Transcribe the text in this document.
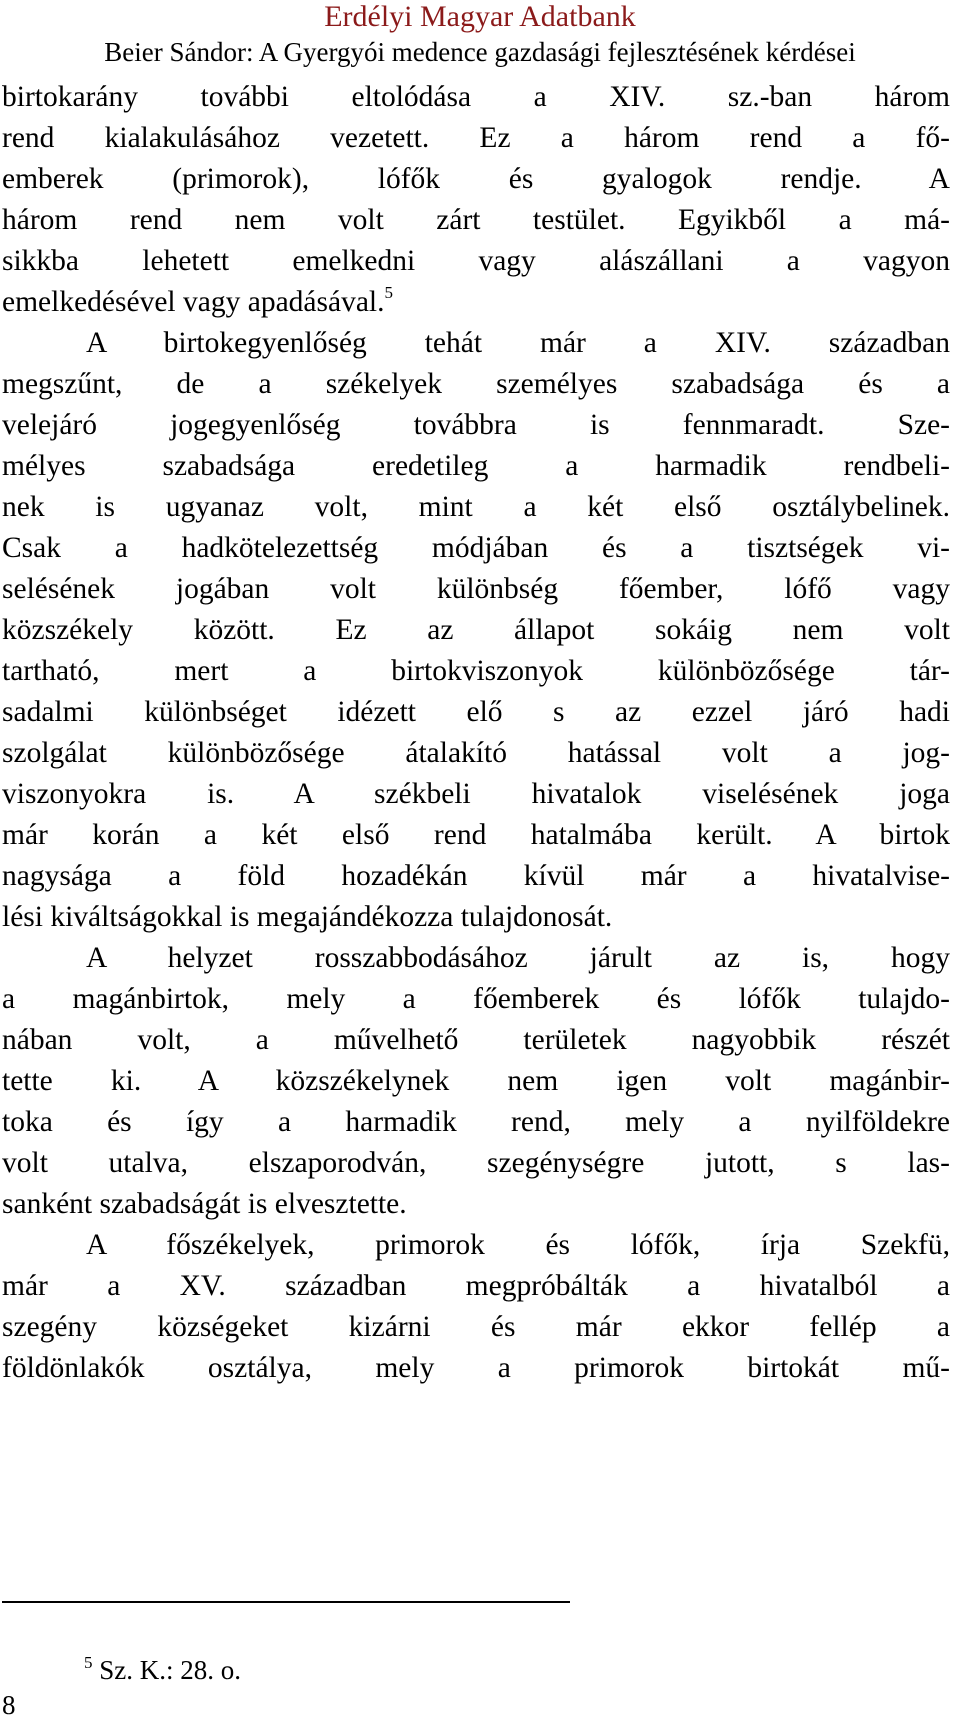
Erdélyi Magyar Adatbank
Beier Sándor: A Gyergyói medence gazdasági fejlesztésének kérdései
birtokarány további eltolódása a XIV. sz.-ban három
rend kialakulásához vezetett. Ez a három rend a fő-
emberek (primorok), lófők és gyalogok rendje. A
három rend nem volt zárt testület. Egyikből a má-
sikkba lehetett emelkedni vagy alászállani a vagyon
emelkedésével vagy apadásával.$^5$
A birtokegyenlőség tehát már a XIV. században
megszűnt, de a székelyek személyes szabadsága és a
velejáró jogegyenlőség továbbra is fennmaradt. Sze-
mélyes szabadsága eredetileg a harmadik rendbeli-
nek is ugyanaz volt, mint a két első osztálybelinek.
Csak a hadkötelezettség módjában és a tisztségek vi-
selésének jogában volt különbség főember, lófő vagy
közszékely között. Ez az állapot sokáig nem volt
tartható, mert a birtokviszonyok különbözősége tár-
sadalmi különbséget idézett elő s az ezzel járó hadi
szolgálat különbözősége átalakító hatással volt a jog-
viszonyokra is. A székbeli hivatalok viselésének joga
már korán a két első rend hatalmába került. A birtok
nagysága a föld hozadékán kívül már a hivatalvise-
lési kiváltságokkal is megajándékozza tulajdonosát.
A helyzet rosszabbodásához járult az is, hogy
a magánbirtok, mely a főemberek és lófők tulajdo-
nában volt, a művelhető területek nagyobbik részét
tette ki. A közszékelynek nem igen volt magánbir-
toka és így a harmadik rend, mely a nyilföldekre
volt utalva, elszaporodván, szegénységre jutott, s las-
sanként szabadságát is elvesztette.
A főszékelyek, primorok és lófők, írja Szekfü,
már a XV. században megpróbálták a hivatalból a
szegény községeket kizárni és már ekkor fellép a
földönlakók osztálya, mely a primorok birtokát mű-
$^5$ Sz. K.: 28. o.
8
